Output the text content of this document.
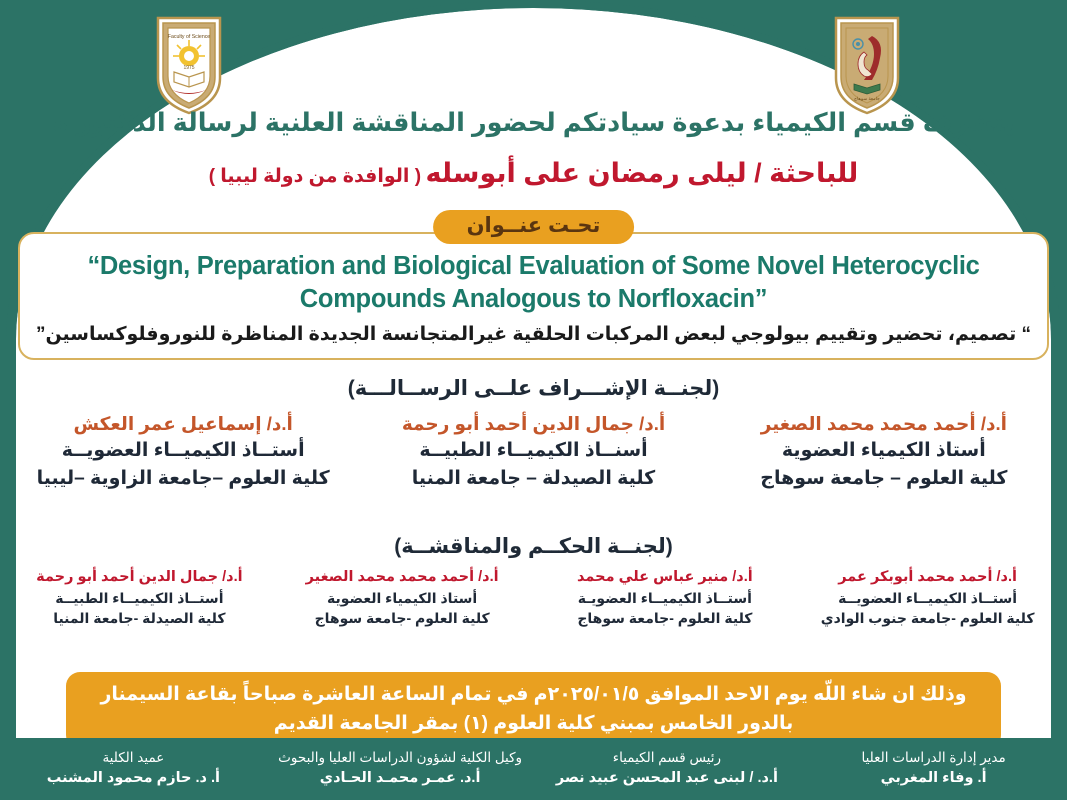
1975
Faculty of Science
جامعة سوهاج
يتشرف قسم الكيمياء بدعوة سيادتكم لحضور المناقشة العلنية لرسالة الدكتوراه
للباحثة / ليلى رمضان على أبوسله ( الوافدة من دولة ليبيا )
تحـت عنــوان
“Design, Preparation and Biological Evaluation of Some Novel Heterocyclic
Compounds Analogous to Norfloxacin”
“ تصميم، تحضير وتقييم بيولوجي لبعض المركبات الحلقية غيرالمتجانسة الجديدة المناظرة للنوروفلوكساسين”
(لجنــة الإشـــراف علــى الرســالـــة)
أ.د/ أحمد محمد محمد الصغير
أستاذ الكيمياء العضوية
كلية العلوم – جامعة سوهاج
أ.د/ جمال الدين أحمد أبو رحمة
أسنــاذ الكيميــاء الطبيــة
كلية الصيدلة – جامعة المنيا
أ.د/ إسماعيل عمر العكش
أستــاذ الكيميــاء العضويــة
كلية العلوم –جامعة الزاوية –ليبيا
(لجنــة الحكــم والمناقشــة)
أ.د/ أحمد محمد أبوبكر عمر
أستــاذ الكيميــاء العضويــة
كلية العلوم -جامعة جنوب الوادي
أ.د/ منير عباس علي محمد
أستــاذ الكيميــاء العضويـة
كلية العلوم -جامعة سوهاج
أ.د/ أحمد محمد محمد الصغير
أستاذ الكيمياء العضوية
كلية العلوم -جامعة سوهاج
أ.د/ جمال الدين أحمد أبو رحمة
أستــاذ الكيميــاء الطبيــة
كلية الصيدلة -جامعة المنيا
وذلك ان شاء اللّه يوم الاحد الموافق ٢٠٢٥/٠١/٥م في تمام الساعة العاشرة صباحاً بقاعة السيمنار
بالدور الخامس بمبني كلية العلوم (١) بمقر الجامعة القديم
مدير إدارة الدراسات العليا
أ. وفاء المغربي
رئيس قسم الكيمياء
أ.د. / لبنى عبد المحسن عبيد نصر
وكيل الكلية لشؤون الدراسات العليا والبحوث
أ.د. عمـر محمـد الحـادي
عميد الكلية
أ. د. حازم محمود المشنب
